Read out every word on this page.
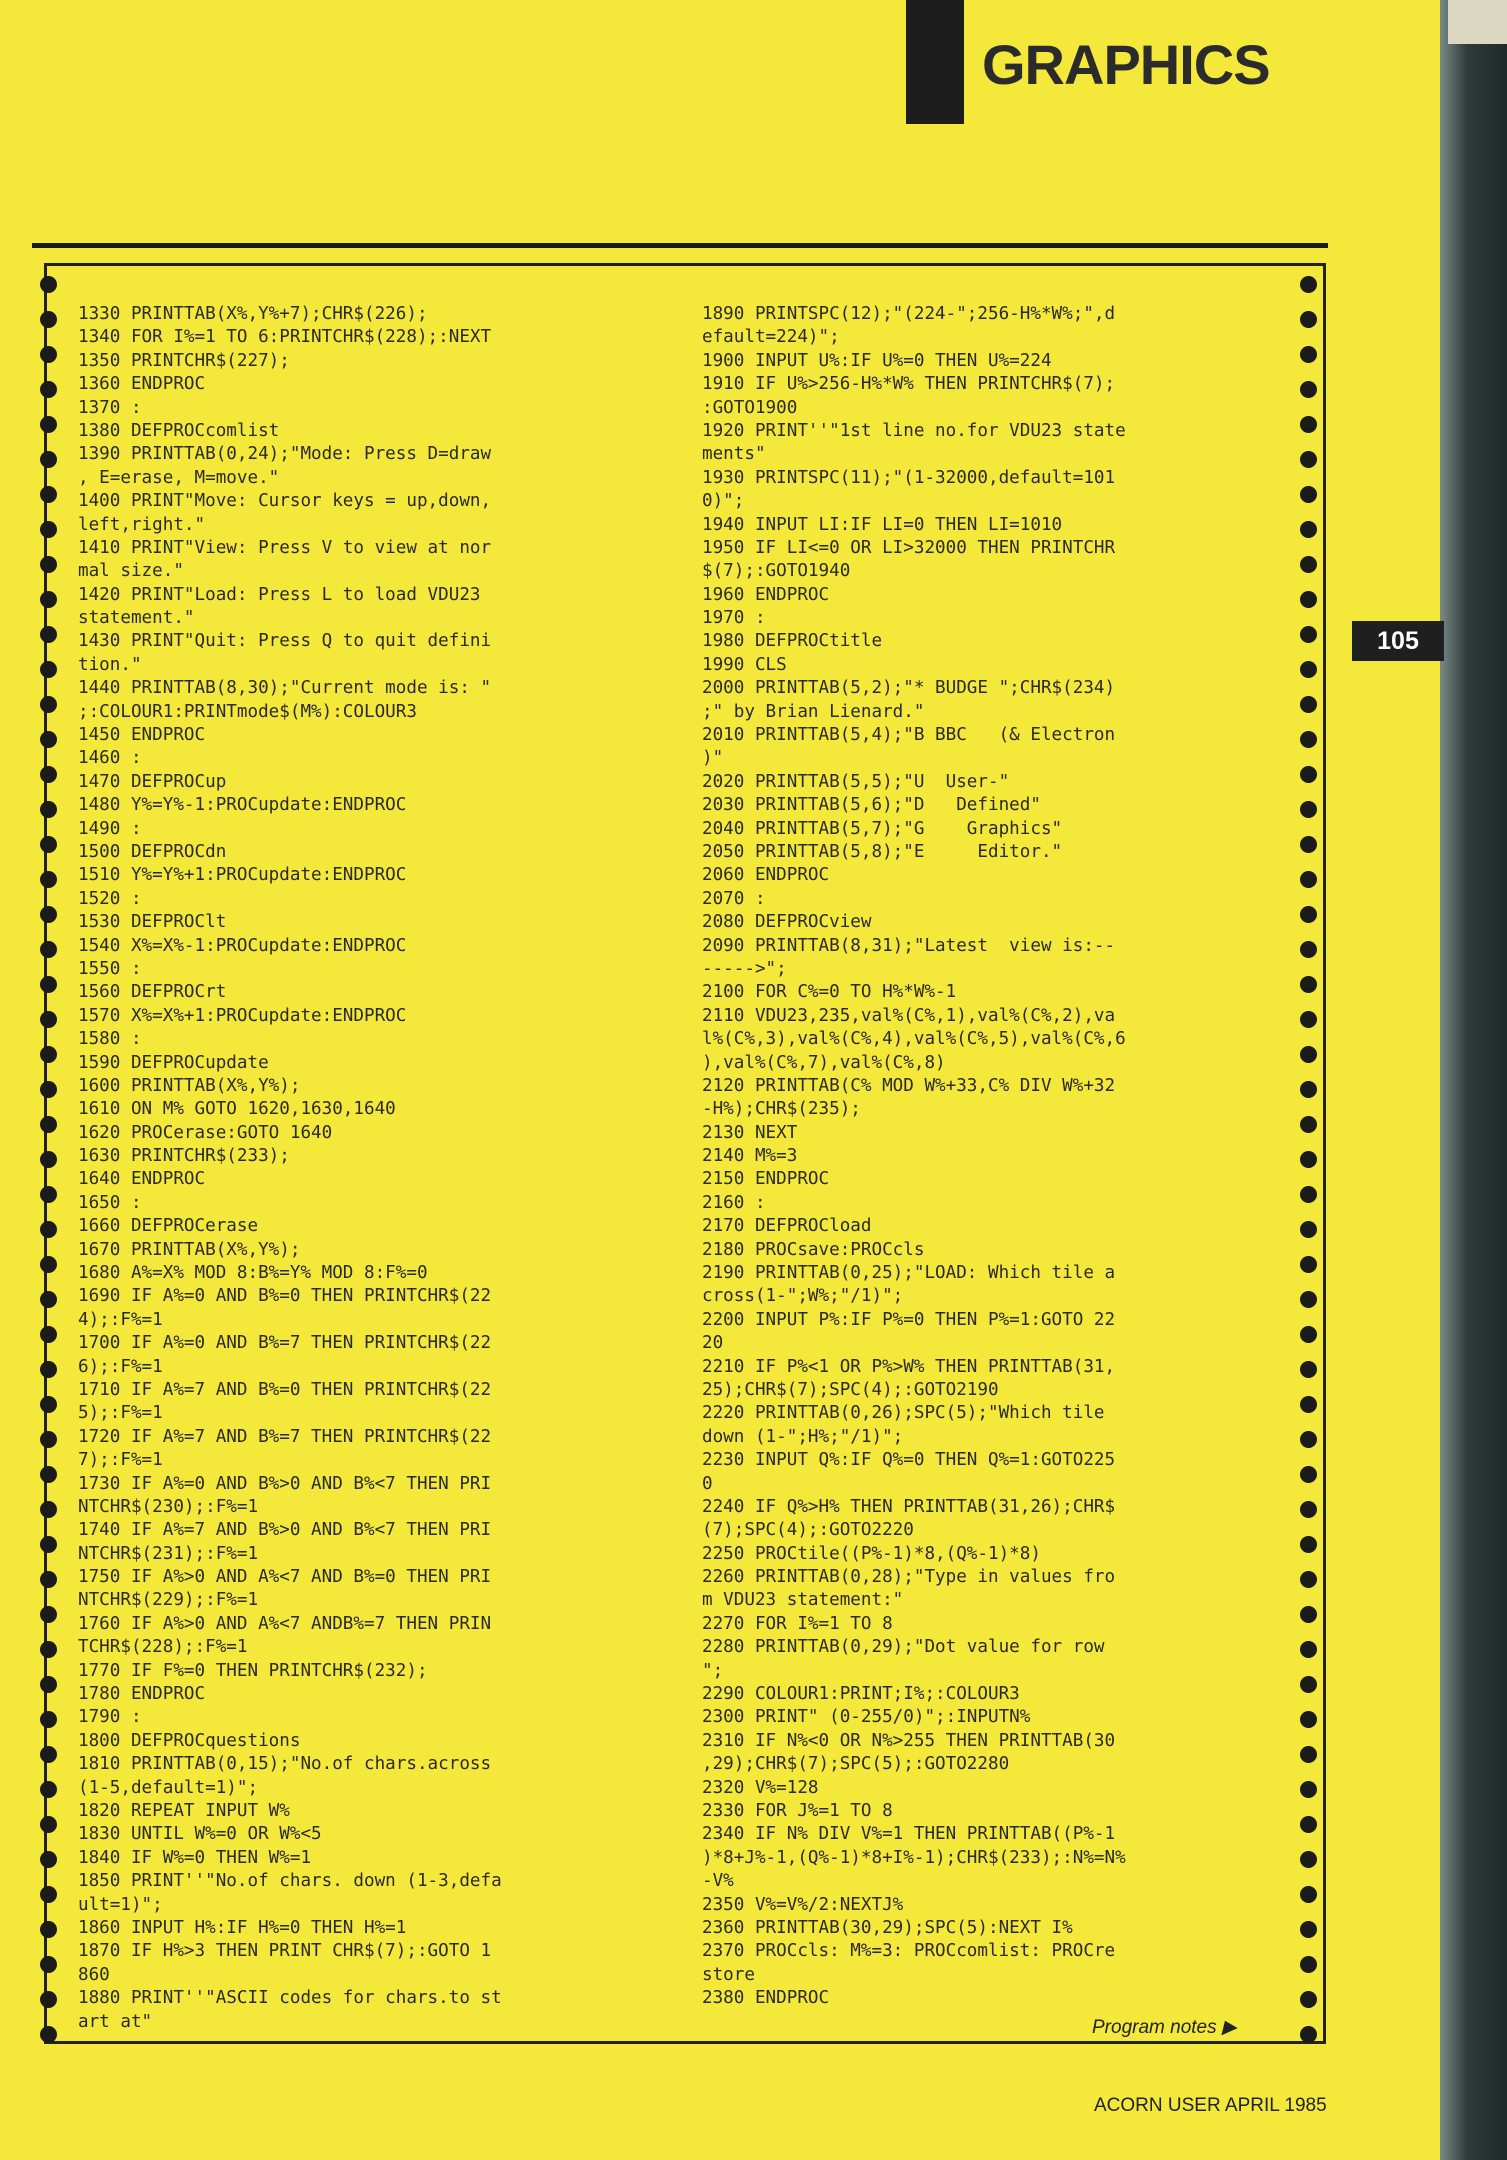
GRAPHICS
105
1330 PRINTTAB(X%,Y%+7);CHR$(226);
1340 FOR I%=1 TO 6:PRINTCHR$(228);:NEXT
1350 PRINTCHR$(227);
1360 ENDPROC
1370 :
1380 DEFPROCcomlist
1390 PRINTTAB(0,24);"Mode: Press D=draw
, E=erase, M=move."
1400 PRINT"Move: Cursor keys = up,down,
left,right."
1410 PRINT"View: Press V to view at nor
mal size."
1420 PRINT"Load: Press L to load VDU23
statement."
1430 PRINT"Quit: Press Q to quit defini
tion."
1440 PRINTTAB(8,30);"Current mode is: "
;:COLOUR1:PRINTmode$(M%):COLOUR3
1450 ENDPROC
1460 :
1470 DEFPROCup
1480 Y%=Y%-1:PROCupdate:ENDPROC
1490 :
1500 DEFPROCdn
1510 Y%=Y%+1:PROCupdate:ENDPROC
1520 :
1530 DEFPROClt
1540 X%=X%-1:PROCupdate:ENDPROC
1550 :
1560 DEFPROCrt
1570 X%=X%+1:PROCupdate:ENDPROC
1580 :
1590 DEFPROCupdate
1600 PRINTTAB(X%,Y%);
1610 ON M% GOTO 1620,1630,1640
1620 PROCerase:GOTO 1640
1630 PRINTCHR$(233);
1640 ENDPROC
1650 :
1660 DEFPROCerase
1670 PRINTTAB(X%,Y%);
1680 A%=X% MOD 8:B%=Y% MOD 8:F%=0
1690 IF A%=0 AND B%=0 THEN PRINTCHR$(22
4);:F%=1
1700 IF A%=0 AND B%=7 THEN PRINTCHR$(22
6);:F%=1
1710 IF A%=7 AND B%=0 THEN PRINTCHR$(22
5);:F%=1
1720 IF A%=7 AND B%=7 THEN PRINTCHR$(22
7);:F%=1
1730 IF A%=0 AND B%>0 AND B%<7 THEN PRI
NTCHR$(230);:F%=1
1740 IF A%=7 AND B%>0 AND B%<7 THEN PRI
NTCHR$(231);:F%=1
1750 IF A%>0 AND A%<7 AND B%=0 THEN PRI
NTCHR$(229);:F%=1
1760 IF A%>0 AND A%<7 ANDB%=7 THEN PRIN
TCHR$(228);:F%=1
1770 IF F%=0 THEN PRINTCHR$(232);
1780 ENDPROC
1790 :
1800 DEFPROCquestions
1810 PRINTTAB(0,15);"No.of chars.across
(1-5,default=1)";
1820 REPEAT INPUT W%
1830 UNTIL W%=0 OR W%<5
1840 IF W%=0 THEN W%=1
1850 PRINT''"No.of chars. down (1-3,defa
ult=1)";
1860 INPUT H%:IF H%=0 THEN H%=1
1870 IF H%>3 THEN PRINT CHR$(7);:GOTO 1
860
1880 PRINT''"ASCII codes for chars.to st
art at"
1890 PRINTSPC(12);"(224-";256-H%*W%;",d
efault=224)";
1900 INPUT U%:IF U%=0 THEN U%=224
1910 IF U%>256-H%*W% THEN PRINTCHR$(7);
:GOTO1900
1920 PRINT''"1st line no.for VDU23 state
ments"
1930 PRINTSPC(11);"(1-32000,default=101
0)";
1940 INPUT LI:IF LI=0 THEN LI=1010
1950 IF LI<=0 OR LI>32000 THEN PRINTCHR
$(7);:GOTO1940
1960 ENDPROC
1970 :
1980 DEFPROCtitle
1990 CLS
2000 PRINTTAB(5,2);"* BUDGE ";CHR$(234)
;" by Brian Lienard."
2010 PRINTTAB(5,4);"B BBC   (& Electron
)"
2020 PRINTTAB(5,5);"U  User-"
2030 PRINTTAB(5,6);"D   Defined"
2040 PRINTTAB(5,7);"G    Graphics"
2050 PRINTTAB(5,8);"E     Editor."
2060 ENDPROC
2070 :
2080 DEFPROCview
2090 PRINTTAB(8,31);"Latest  view is:--
----->";
2100 FOR C%=0 TO H%*W%-1
2110 VDU23,235,val%(C%,1),val%(C%,2),va
l%(C%,3),val%(C%,4),val%(C%,5),val%(C%,6
),val%(C%,7),val%(C%,8)
2120 PRINTTAB(C% MOD W%+33,C% DIV W%+32
-H%);CHR$(235);
2130 NEXT
2140 M%=3
2150 ENDPROC
2160 :
2170 DEFPROCload
2180 PROCsave:PROCcls
2190 PRINTTAB(0,25);"LOAD: Which tile a
cross(1-";W%;"/1)";
2200 INPUT P%:IF P%=0 THEN P%=1:GOTO 22
20
2210 IF P%<1 OR P%>W% THEN PRINTTAB(31,
25);CHR$(7);SPC(4);:GOTO2190
2220 PRINTTAB(0,26);SPC(5);"Which tile
down (1-";H%;"/1)";
2230 INPUT Q%:IF Q%=0 THEN Q%=1:GOTO225
0
2240 IF Q%>H% THEN PRINTTAB(31,26);CHR$
(7);SPC(4);:GOTO2220
2250 PROCtile((P%-1)*8,(Q%-1)*8)
2260 PRINTTAB(0,28);"Type in values fro
m VDU23 statement:"
2270 FOR I%=1 TO 8
2280 PRINTTAB(0,29);"Dot value for row
";
2290 COLOUR1:PRINT;I%;:COLOUR3
2300 PRINT" (0-255/0)";:INPUTN%
2310 IF N%<0 OR N%>255 THEN PRINTTAB(30
,29);CHR$(7);SPC(5);:GOTO2280
2320 V%=128
2330 FOR J%=1 TO 8
2340 IF N% DIV V%=1 THEN PRINTTAB((P%-1
)*8+J%-1,(Q%-1)*8+I%-1);CHR$(233);:N%=N%
-V%
2350 V%=V%/2:NEXTJ%
2360 PRINTTAB(30,29);SPC(5):NEXT I%
2370 PROCcls: M%=3: PROCcomlist: PROCre
store
2380 ENDPROC
Program notes ▶
ACORN USER APRIL 1985
